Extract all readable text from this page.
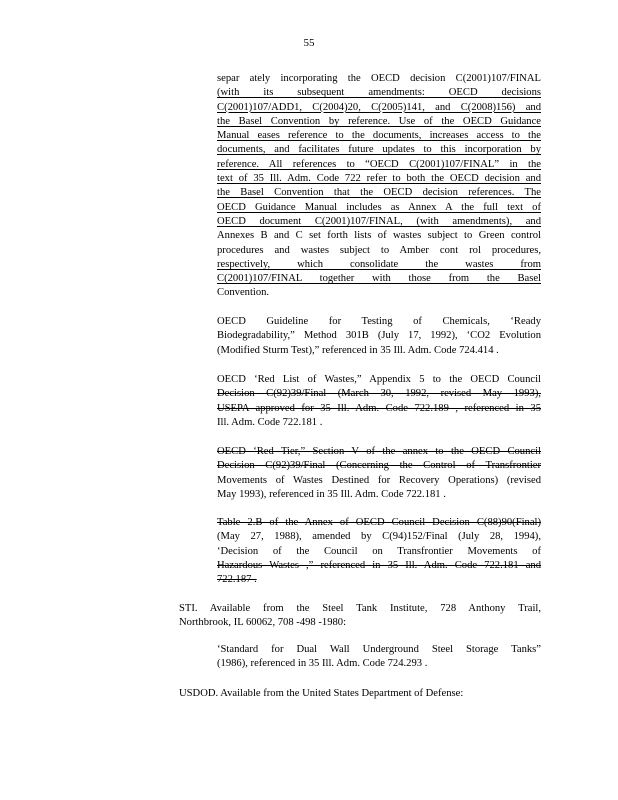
55
separ ately incorporating the OECD decision C(2001)107/FINAL
(with its subsequent amendments: OECD decisions
C(2001)107/ADD1, C(2004)20, C(2005)141, and C(2008)156) and
the Basel Convention by reference. Use of the OECD Guidance
Manual eases reference to the documents, increases access to the
documents, and facilitates future updates to this incorporation by
reference. All references to “OECD C(2001)107/FINAL” in the
text of 35 Ill. Adm. Code 722 refer to both the OECD decision and
the Basel Convention that the OECD decision references. The
OECD Guidance Manual includes as Annex A the full text of
OECD document C(2001)107/FINAL, (with amendments), and
Annexes B and C set forth lists of wastes subject to Green control
procedures and wastes subject to Amber cont rol procedures,
respectively, which consolidate the wastes from
C(2001)107/FINAL together with those from the Basel
Convention.
OECD Guideline for Testing of Chemicals, ‘Ready
Biodegradability,” Method 301B (July 17, 1992), ‘CO2 Evolution
(Modified Sturm Test),” referenced in 35 Ill. Adm. Code 724.414 .
OECD ‘Red List of Wastes,” Appendix 5 to the OECD Council
Decision C(92)39/Final (March 30, 1992, revised May 1993),
USEPA approved for 35 Ill. Adm. Code 722.189 , referenced in 35
Ill. Adm. Code 722.181 .
OECD ‘Red Tier,” Section V of the annex to the OECD Council
Decision C(92)39/Final (Concerning the Control of Transfrontier
Movements of Wastes Destined for Recovery Operations) (revised
May 1993), referenced in 35 Ill. Adm. Code 722.181 .
Table 2.B of the Annex of OECD Council Decision C(88)90(Final)
(May 27, 1988), amended by C(94)152/Final (July 28, 1994),
‘Decision of the Council on Transfrontier Movements of
Hazardous Wastes ,” referenced in 35 Ill. Adm. Code 722.181 and
722.187 .
STI. Available from the Steel Tank Institute, 728 Anthony Trail,
Northbrook, IL 60062, 708 -498 -1980:
‘Standard for Dual Wall Underground Steel Storage Tanks”
(1986), referenced in 35 Ill. Adm. Code 724.293 .
USDOD. Available from the United States Department of Defense:
